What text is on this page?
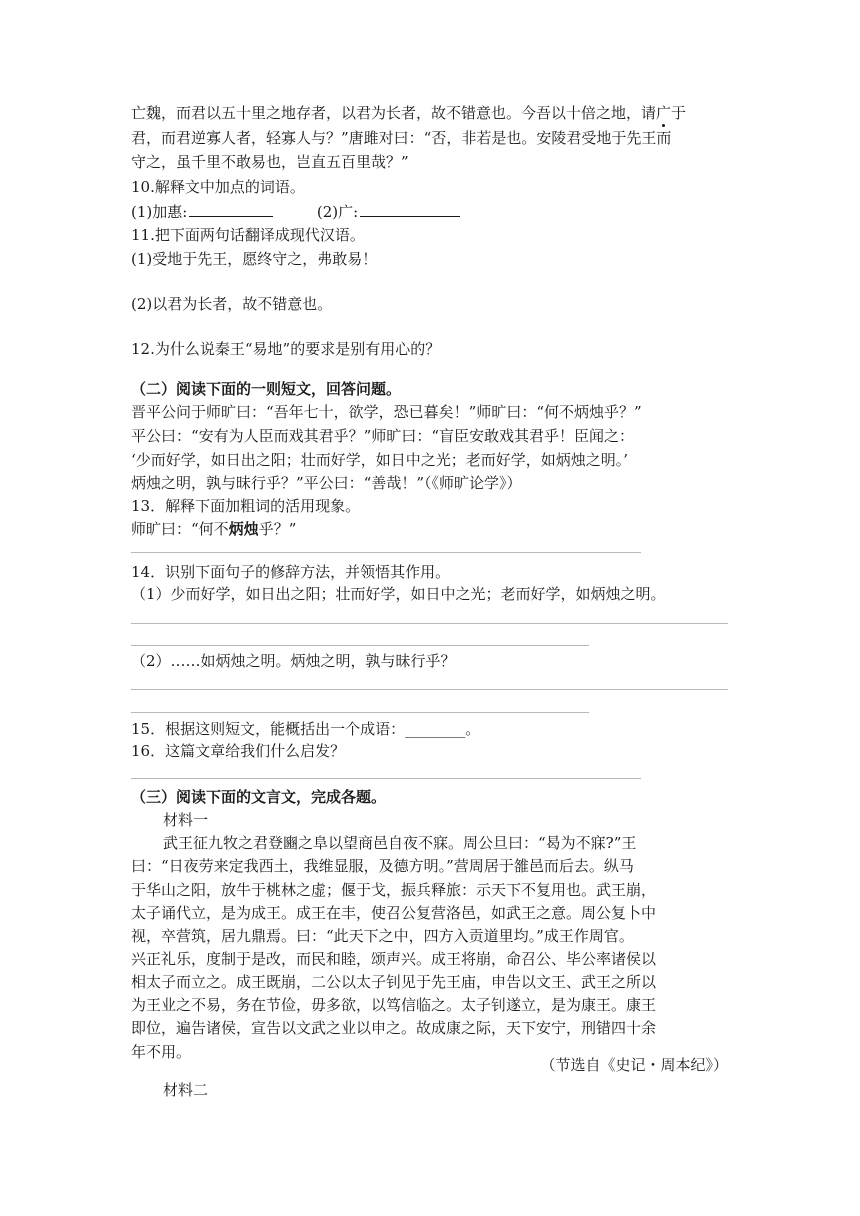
亡魏，而君以五十里之地存者，以君为长者，故不错意也。今吾以十倍之地，请广于
君，而君逆寡人者，轻寡人与？”唐雎对曰：“否，非若是也。安陵君受地于先王而
守之，虽千里不敢易也，岂直五百里哉？”
10.解释文中加点的词语。
(1)加惠:	(2)广:
11.把下面两句话翻译成现代汉语。
(1)受地于先王，愿终守之，弗敢易！
(2)以君为长者，故不错意也。
12.为什么说秦王“易地”的要求是别有用心的？
（二）阅读下面的一则短文，回答问题。
晋平公问于师旷曰：“吾年七十，欲学，恐已暮矣！”师旷曰：“何不炳烛乎？”
平公曰：“安有为人臣而戏其君乎？”师旷曰：“盲臣安敢戏其君乎！臣闻之：
‘少而好学，如日出之阳；壮而好学，如日中之光；老而好学，如炳烛之明。’
炳烛之明，孰与昧行乎？”平公曰：“善哉！”（《师旷论学》）
13．解释下面加粗词的活用现象。
师旷曰：“何不炳烛乎？”
14．识别下面句子的修辞方法，并领悟其作用。
（1）少而好学，如日出之阳；壮而好学，如日中之光；老而好学，如炳烛之明。
（2）……如炳烛之明。炳烛之明，孰与昧行乎？
15．根据这则短文，能概括出一个成语：________。
16．这篇文章给我们什么启发？
（三）阅读下面的文言文，完成各题。
材料一
武王征九牧之君登豳之阜以望商邑自夜不寐。周公旦曰：“曷为不寐?”王
曰：“日夜劳来定我西土，我维显服，及德方明。”营周居于雒邑而后去。纵马
于华山之阳，放牛于桃林之虚；偃于戈，振兵释旅：示天下不复用也。武王崩，
太子诵代立，是为成王。成王在丰，使召公复营洛邑，如武王之意。周公复卜中
视，卒营筑，居九鼎焉。曰：“此天下之中，四方入贡道里均。”成王作周官。
兴正礼乐，度制于是改，而民和睦，颂声兴。成王将崩，命召公、毕公率诸侯以
相太子而立之。成王既崩，二公以太子钊见于先王庙，申告以文王、武王之所以
为王业之不易，务在节俭，毋多欲，以笃信临之。太子钊遂立，是为康王。康王
即位，遍告诸侯，宣告以文武之业以申之。故成康之际，天下安宁，刑错四十余
年不用。
（节选自《史记・周本纪》）
材料二
